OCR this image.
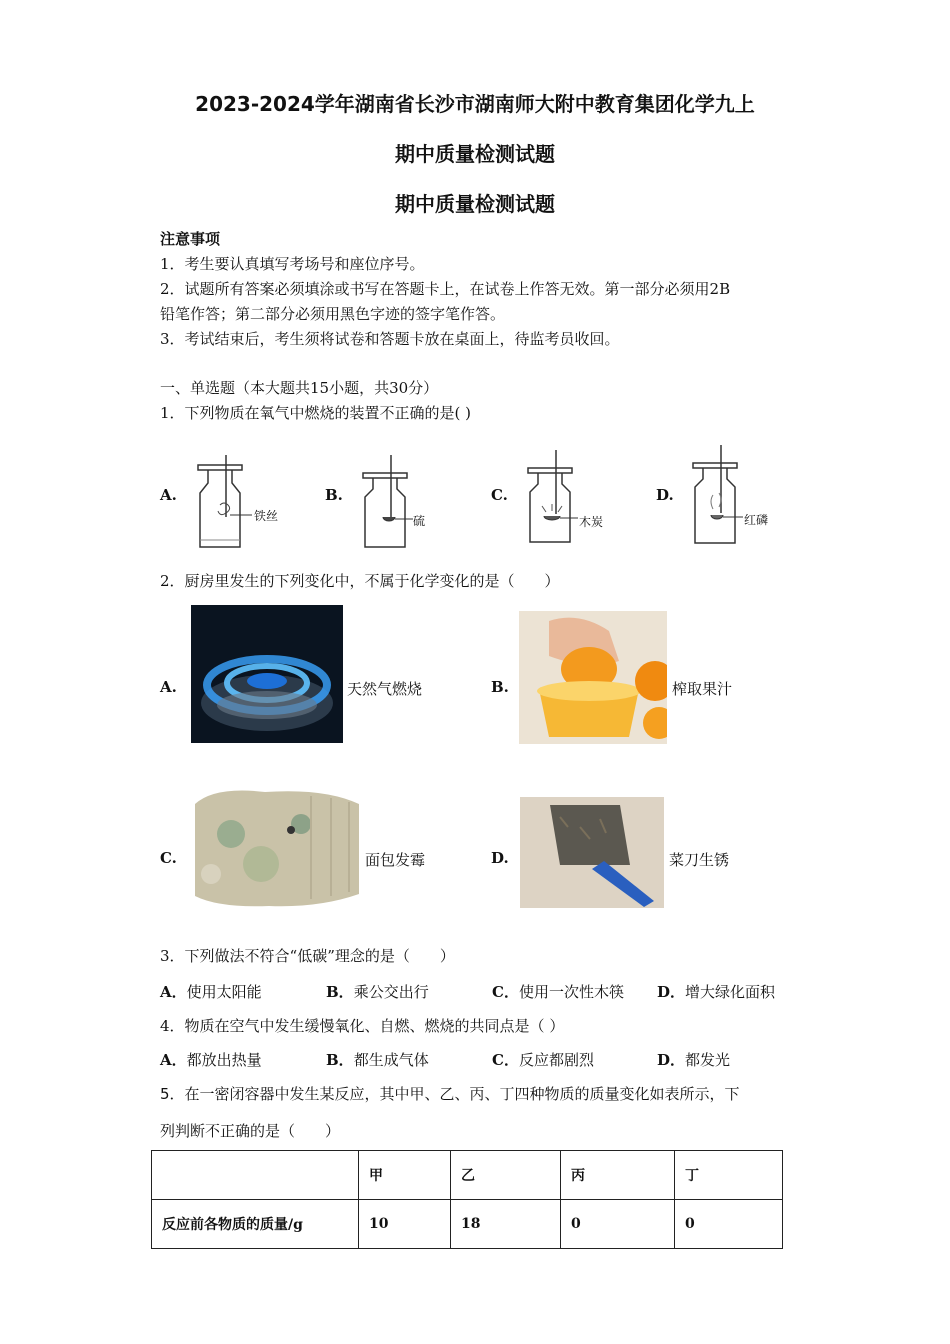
2023-2024学年湖南省长沙市湖南师大附中教育集团化学九上
期中质量检测试题
期中质量检测试题
注意事项
1．考生要认真填写考场号和座位序号。
2．试题所有答案必须填涂或书写在答题卡上，在试卷上作答无效。第一部分必须用2B
铅笔作答；第二部分必须用黑色字迹的签字笔作答。
3．考试结束后，考生须将试卷和答题卡放在桌面上，待监考员收回。
一、单选题（本大题共15小题，共30分）
1．下列物质在氧气中燃烧的装置不正确的是( )
A.
铁丝
B.
硫
C.
木炭
D.
红磷
2．厨房里发生的下列变化中，不属于化学变化的是（　　）
A.	天然气燃烧	B.	榨取果汁
C.	面包发霉	D.	菜刀生锈
3．下列做法不符合“低碳”理念的是（　　）
A．使用太阳能	B．乘公交出行	C．使用一次性木筷 D．增大绿化面积
4．物质在空气中发生缓慢氧化、自燃、燃烧的共同点是（ ）
A．都放出热量	B．都生成气体	C．反应都剧烈	D．都发光
5．在一密闭容器中发生某反应，其中甲、乙、丙、丁四种物质的质量变化如表所示，下
列判断不正确的是（　　）
	甲	乙	丙	丁
反应前各物质的质量/g	10	18	0	0
